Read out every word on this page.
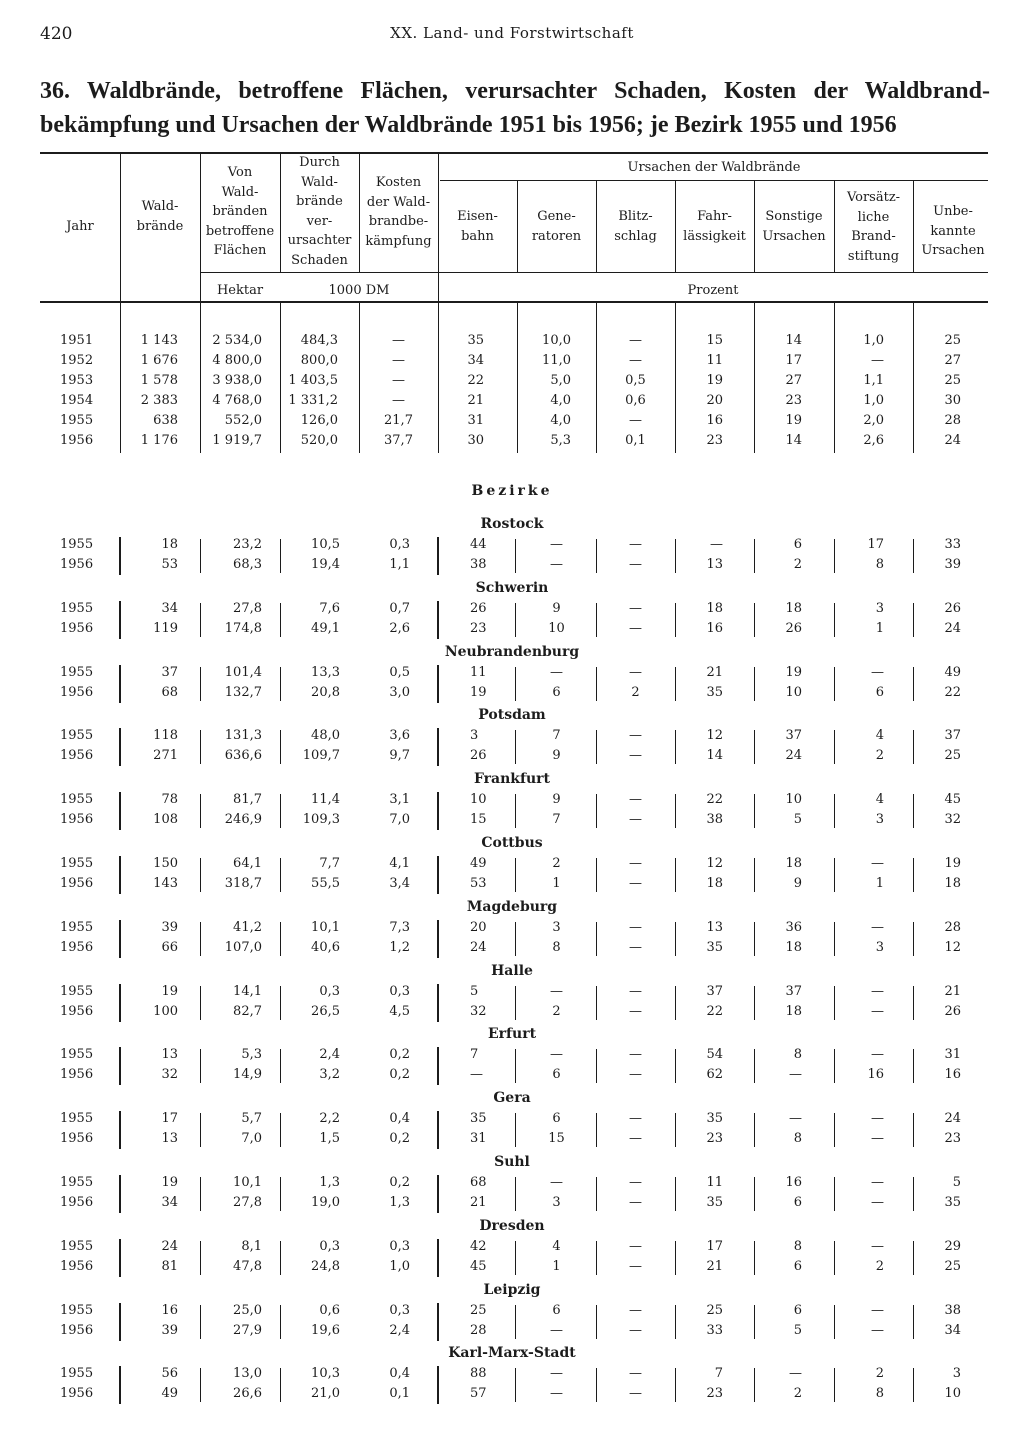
420	XX. Land- und Forstwirtschaft
36. Waldbrände, betroffene Flächen, verursachter Schaden, Kosten der Waldbrand-
bekämpfung und Ursachen der Waldbrände 1951 bis 1956; je Bezirk 1955 und 1956
Jahr
Wald-
brände
Von
Wald-
bränden
betroffene
Flächen
Durch
Wald-
brände
ver-
ursachter
Schaden
Kosten
der Wald-
brandbe-
kämpfung
Ursachen der Waldbrände
Eisen-
bahn
Gene-
ratoren
Blitz-
schlag
Fahr-
lässigkeit
Sonstige
Ursachen
Vorsätz-
liche
Brand-
stiftung
Unbe-
kannte
Ursachen
Hektar	1000 DM	Prozent
Bezirke
1951	1 143	2 534,0	484,3	—	35	10,0	—	15	14	1,0	25
1952	1 676	4 800,0	800,0	—	34	11,0	—	11	17	—	27
1953	1 578	3 938,0	1 403,5	—	22	5,0	0,5	19	27	1,1	25
1954	2 383	4 768,0	1 331,2	—	21	4,0	0,6	20	23	1,0	30
1955	638	552,0	126,0	21,7	31	4,0	—	16	19	2,0	28
1956	1 176	1 919,7	520,0	37,7	30	5,3	0,1	23	14	2,6	24
Rostock
1955	18	23,2	10,5	0,3	44	—	—	—	6	17	33
1956	53	68,3	19,4	1,1	38	—	—	13	2	8	39
Schwerin
1955	34	27,8	7,6	0,7	26	9	—	18	18	3	26
1956	119	174,8	49,1	2,6	23	10	—	16	26	1	24
Neubrandenburg
1955	37	101,4	13,3	0,5	11	—	—	21	19	—	49
1956	68	132,7	20,8	3,0	19	6	2	35	10	6	22
Potsdam
1955	118	131,3	48,0	3,6	3	7	—	12	37	4	37
1956	271	636,6	109,7	9,7	26	9	—	14	24	2	25
Frankfurt
1955	78	81,7	11,4	3,1	10	9	—	22	10	4	45
1956	108	246,9	109,3	7,0	15	7	—	38	5	3	32
Cottbus
1955	150	64,1	7,7	4,1	49	2	—	12	18	—	19
1956	143	318,7	55,5	3,4	53	1	—	18	9	1	18
Magdeburg
1955	39	41,2	10,1	7,3	20	3	—	13	36	—	28
1956	66	107,0	40,6	1,2	24	8	—	35	18	3	12
Halle
1955	19	14,1	0,3	0,3	5	—	—	37	37	—	21
1956	100	82,7	26,5	4,5	32	2	—	22	18	—	26
Erfurt
1955	13	5,3	2,4	0,2	7	—	—	54	8	—	31
1956	32	14,9	3,2	0,2	—	6	—	62	—	16	16
Gera
1955	17	5,7	2,2	0,4	35	6	—	35	—	—	24
1956	13	7,0	1,5	0,2	31	15	—	23	8	—	23
Suhl
1955	19	10,1	1,3	0,2	68	—	—	11	16	—	5
1956	34	27,8	19,0	1,3	21	3	—	35	6	—	35
Dresden
1955	24	8,1	0,3	0,3	42	4	—	17	8	—	29
1956	81	47,8	24,8	1,0	45	1	—	21	6	2	25
Leipzig
1955	16	25,0	0,6	0,3	25	6	—	25	6	—	38
1956	39	27,9	19,6	2,4	28	—	—	33	5	—	34
Karl-Marx-Stadt
1955	56	13,0	10,3	0,4	88	—	—	7	—	2	3
1956	49	26,6	21,0	0,1	57	—	—	23	2	8	10
